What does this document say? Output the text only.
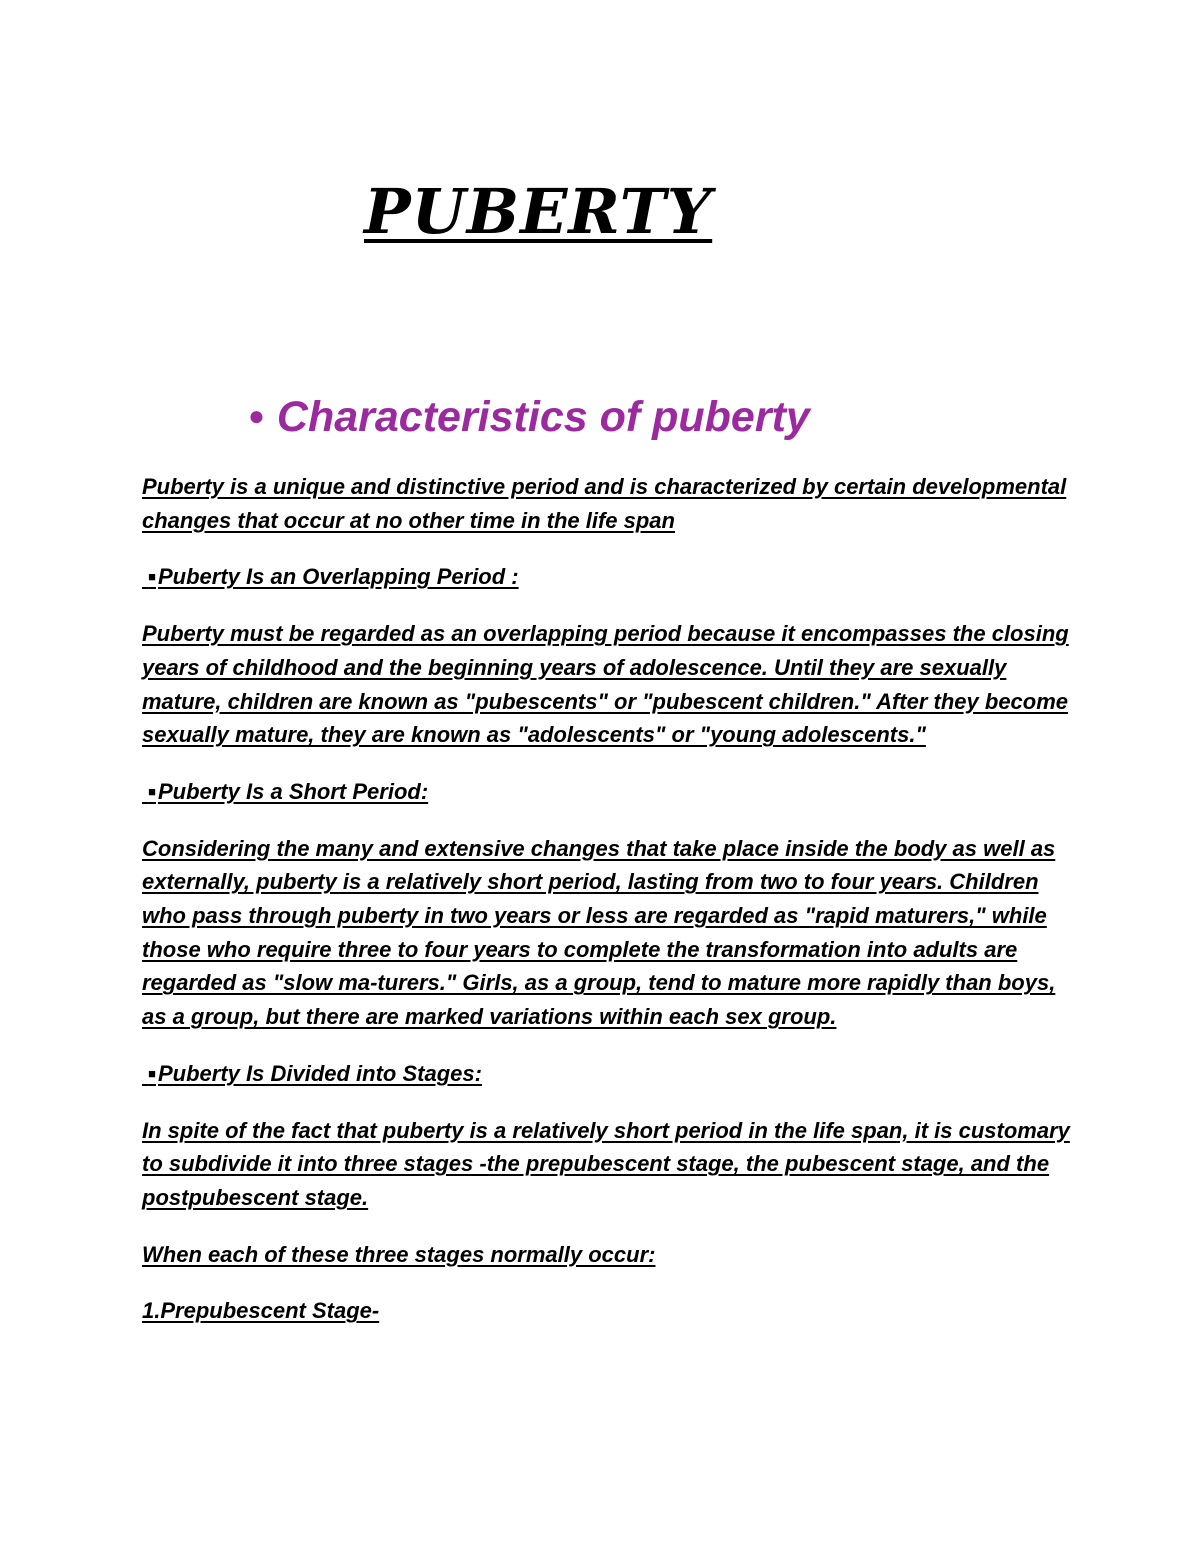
PUBERTY
● Characteristics of puberty

Puberty is a unique and distinctive period and is characterized by certain developmental changes that occur at no other time in the life span

■Puberty Is an Overlapping Period :

Puberty must be regarded as an overlapping period because it encompasses the closing years of childhood and the beginning years of adolescence. Until they are sexually mature, children are known as "pubescents" or "pubescent children." After they become sexually mature, they are known as "adolescents" or "young adolescents."

■Puberty Is a Short Period:

Considering the many and extensive changes that take place inside the body as well as externally, puberty is a relatively short period, lasting from two to four years. Children who pass through puberty in two years or less are regarded as "rapid maturers," while those who require three to four years to complete the transformation into adults are regarded as "slow ma-turers." Girls, as a group, tend to mature more rapidly than boys, as a group, but there are marked variations within each sex group.

■Puberty Is Divided into Stages:

In spite of the fact that puberty is a relatively short period in the life span, it is customary to subdivide it into three stages -the prepubescent stage, the pubescent stage, and the postpubescent stage.

When each of these three stages normally occur:

1.Prepubescent Stage-
